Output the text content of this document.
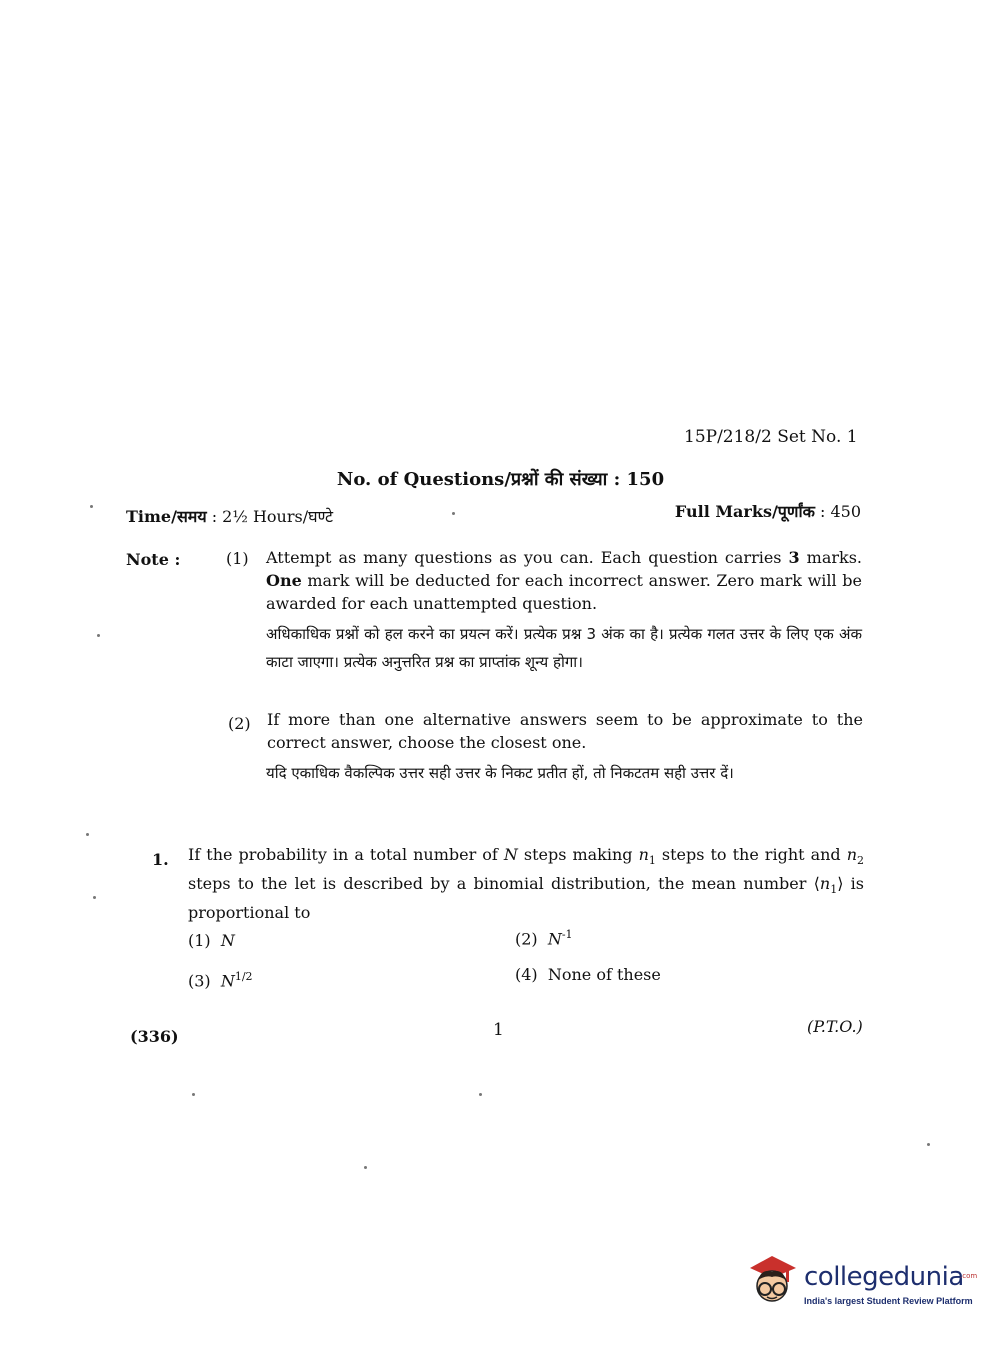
15P/218/2 Set No. 1
No. of Questions/प्रश्नों की संख्या : 150
Time/समय : 2½ Hours/घण्टे	Full Marks/पूर्णांक : 450
Note :	(1) Attempt as many questions as you can. Each question carries 3 marks. One mark will be deducted for each incorrect answer. Zero mark will be awarded for each unattempted question.
अधिकाधिक प्रश्नों को हल करने का प्रयत्न करें। प्रत्येक प्रश्न 3 अंक का है। प्रत्येक गलत उत्तर के लिए एक अंक काटा जाएगा। प्रत्येक अनुत्तरित प्रश्न का प्राप्तांक शून्य होगा।
(2) If more than one alternative answers seem to be approximate to the correct answer, choose the closest one.
यदि एकाधिक वैकल्पिक उत्तर सही उत्तर के निकट प्रतीत हों, तो निकटतम सही उत्तर दें।
1. If the probability in a total number of N steps making $n_1$ steps to the right and $n_2$ steps to the let is described by a binomial distribution, the mean number $⟨n_1⟩$ is proportional to
(1) N	(2) $N^{-1}$
(3) $N^{1/2}$	(4) None of these
(336)	1	(P.T.O.)
collegedunia
.com
India's largest Student Review Platform
